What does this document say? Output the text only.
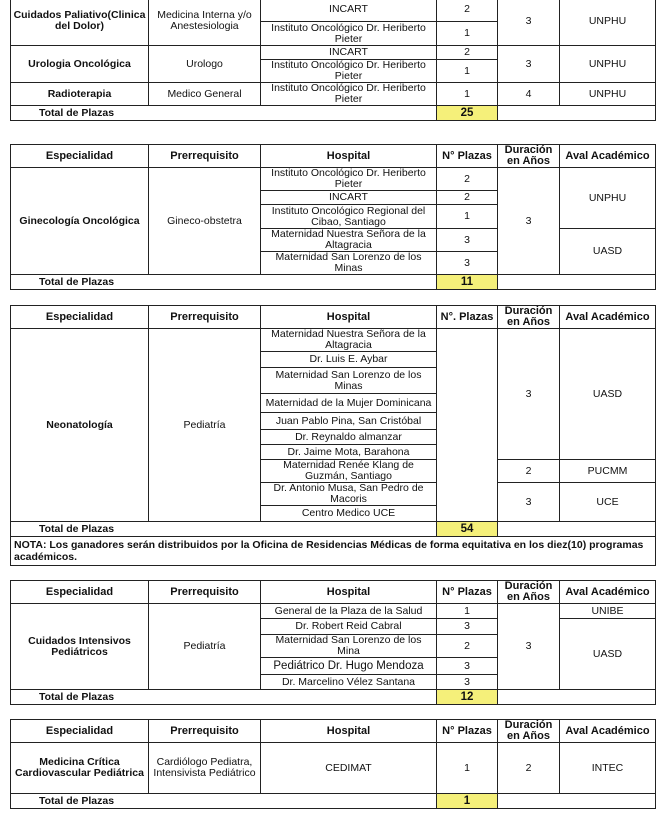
Cuidados Paliativo(Clinica del Dolor)	Medicina Interna y/o Anestesiologia	INCART	2	3	UNPHU
		Instituto Oncológico Dr. Heriberto Pieter	1		
Urologia Oncológica	Urologo	INCART	2	3	UNPHU
		Instituto Oncológico Dr. Heriberto Pieter	1		
Radioterapia	Medico General	Instituto Oncológico Dr. Heriberto Pieter	1	4	UNPHU
Total de Plazas			25		
Especialidad	Prerrequisito	Hospital	N° Plazas	Duración en Años	Aval Académico
Ginecología Oncológica	Gineco-obstetra	Instituto Oncológico Dr. Heriberto Pieter	2	3	UNPHU
		INCART	2		
		Instituto Oncológico Regional del Cibao, Santiago	1		
		Maternidad Nuestra Señora de la Altagracia	3		UASD
		Maternidad San Lorenzo de los Minas	3		
Total de Plazas			11		
Especialidad	Prerrequisito	Hospital	N°. Plazas	Duración en Años	Aval Académico
Neonatología	Pediatría	Maternidad Nuestra Señora de la Altagracia		3	UASD
		Dr. Luis E. Aybar			
		Maternidad San Lorenzo de los Minas			
		Maternidad de la Mujer Dominicana			
		Juan Pablo Pina, San Cristóbal			
		Dr. Reynaldo almanzar			
		Dr. Jaime Mota, Barahona			
		Maternidad Renée Klang de Guzmán, Santiago		2	PUCMM
		Dr. Antonio Musa, San Pedro de Macoris		3	UCE
		Centro Medico UCE			
Total de Plazas			54		
NOTA: Los ganadores serán distribuidos por la Oficina de Residencias Médicas de forma equitativa en los diez(10) programas académicos.					
Especialidad	Prerrequisito	Hospital	N° Plazas	Duración en Años	Aval Académico
Cuidados Intensivos Pediátricos	Pediatría	General de la Plaza de la Salud	1	3	UNIBE
		Dr. Robert Reid Cabral	3		UASD
		Maternidad San Lorenzo de los Mina	2		
		Pediátrico Dr. Hugo Mendoza	3		
		Dr. Marcelino Vélez Santana	3		
Total de Plazas			12		
Especialidad	Prerrequisito	Hospital	N° Plazas	Duración en Años	Aval Académico
Medicina Crítica Cardiovascular Pediátrica	Cardiólogo Pediatra, Intensivista Pediátrico	CEDIMAT	1	2	INTEC
Total de Plazas			1		
